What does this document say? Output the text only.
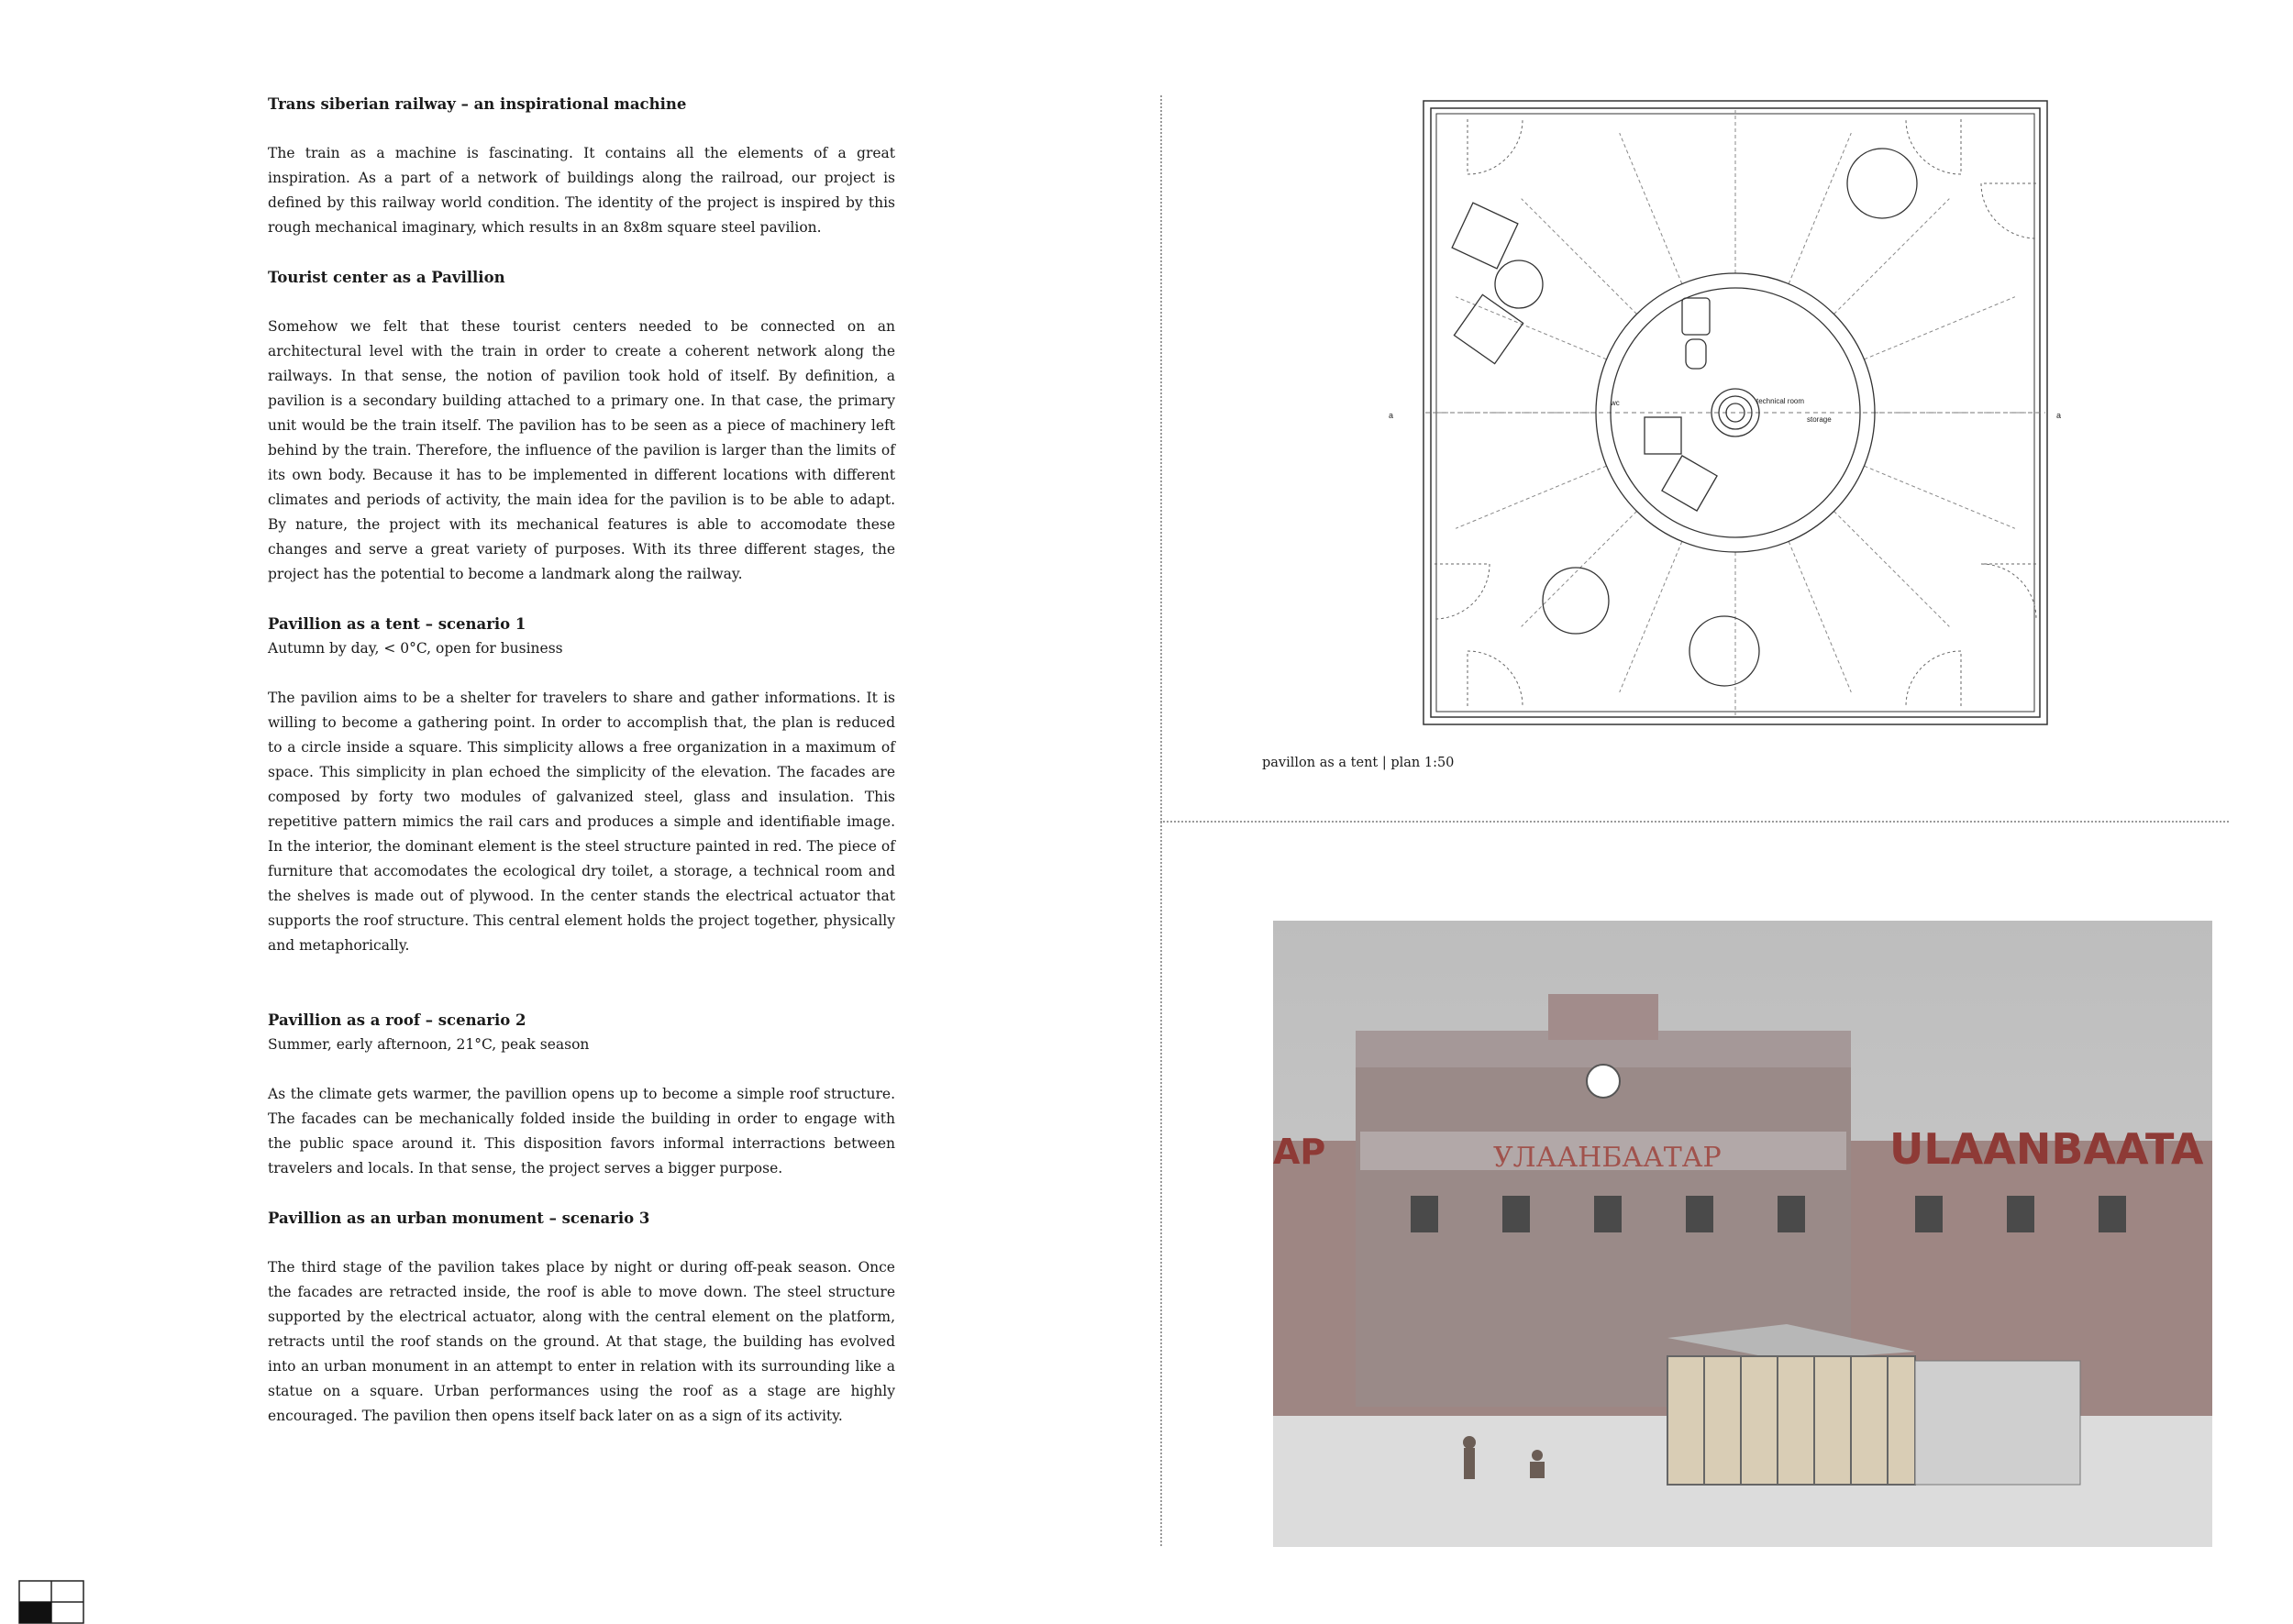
Trans siberian railway – an inspirational machine

The train as a machine is fascinating. It contains all the elements of a great inspiration. As a part of a network of buildings along the railroad, our project is defined by this railway world condition. The identity of the project is inspired by this rough mechanical imaginary, which results in an 8x8m square steel pavilion.

Tourist center as a Pavillion

Somehow we felt that these tourist centers needed to be connected on an architectural level with the train in order to create a coherent network along the railways. In that sense, the notion of pavilion took hold of itself. By definition, a pavilion is a secondary building attached to a primary one. In that case, the primary unit would be the train itself. The pavilion has to be seen as a piece of machinery left behind by the train. Therefore, the influence of the pavilion is larger than the limits of its own body. Because it has to be implemented in different locations with different climates and periods of activity, the main idea for the pavilion is to be able to adapt. By nature, the project with its mechanical features is able to accomodate these changes and serve a great variety of purposes. With its three different stages, the project has the potential to become a landmark along the railway.

Pavillion as a tent – scenario 1

Autumn by day, < 0°C, open for business

The pavilion aims to be a shelter for travelers to share and gather informations. It is willing to become a gathering point. In order to accomplish that, the plan is reduced to a circle inside a square. This simplicity allows a free organization in a maximum of space. This simplicity in plan echoed the simplicity of the elevation. The facades are composed by forty two modules of galvanized steel, glass and insulation. This repetitive pattern mimics the rail cars and produces a simple and identifiable image. In the interior, the dominant element is the steel structure painted in red. The piece of furniture that accomodates the ecological dry toilet, a storage, a technical room and the shelves is made out of plywood. In the center stands the electrical actuator that supports the roof structure. This central element holds the project together, physically and metaphorically.

Pavillion as a roof – scenario 2

Summer, early afternoon, 21°C, peak season

As the climate gets warmer, the pavillion opens up to become a simple roof structure. The facades can be mechanically folded inside the building in order to engage with the public space around it. This disposition favors informal interractions between travelers and locals. In that sense, the project serves a bigger purpose.

Pavillion as an urban monument – scenario 3

The third stage of the pavilion takes place by night or during off-peak season. Once the facades are retracted inside, the roof is able to move down. The steel structure supported by the electrical actuator, along with the central element on the platform, retracts until the roof stands on the ground. At that stage, the building has evolved into an urban monument in an attempt to enter in relation with its surrounding like a statue on a square. Urban performances using the roof as a stage are highly encouraged. The pavilion then opens itself back later on as a sign of its activity.

wc	technical room
storage
a	a
pavillon as a tent | plan 1:50
УЛААНБААТАР
AP	ULAANBAATA
